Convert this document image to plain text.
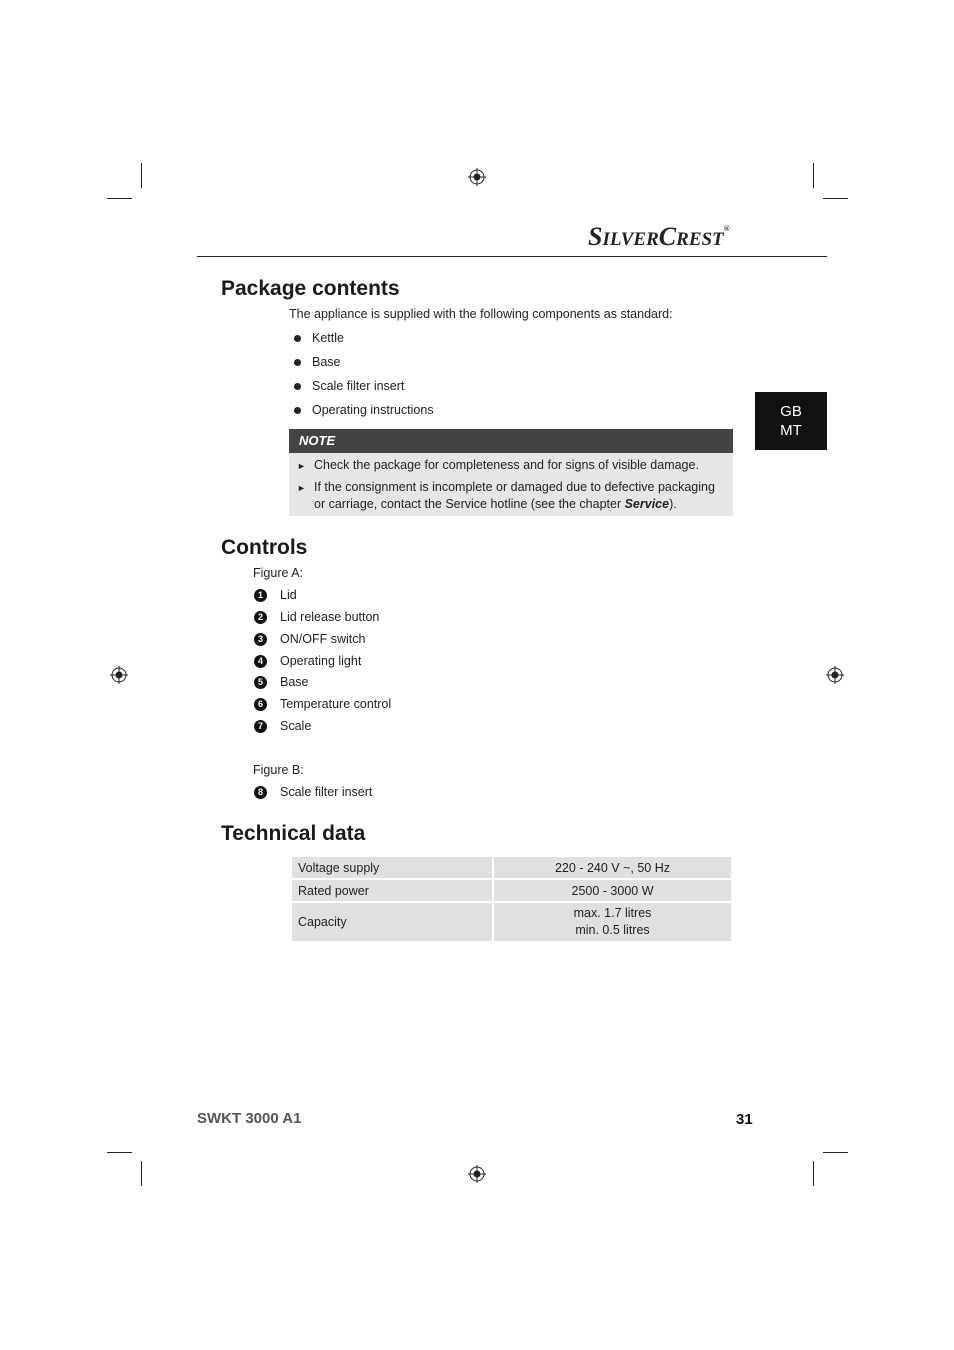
SILVERCREST®
GB
MT
Package contents
The appliance is supplied with the following components as standard:
Kettle
Base
Scale filter insert
Operating instructions
NOTE
► Check the package for completeness and for signs of visible damage.
► If the consignment is incomplete or damaged due to defective packaging
or carriage, contact the Service hotline (see the chapter Service).
Controls
Figure A:
1	Lid
2	Lid release button
3	ON/OFF switch
4	Operating light
5	Base
6	Temperature control
7	Scale
Figure B:
8	Scale filter insert
Technical data
Voltage supply	220 - 240 V ~, 50 Hz
Rated power	2500 - 3000 W
Capacity	max. 1.7 litres
min. 0.5 litres
SWKT 3000 A1	31
